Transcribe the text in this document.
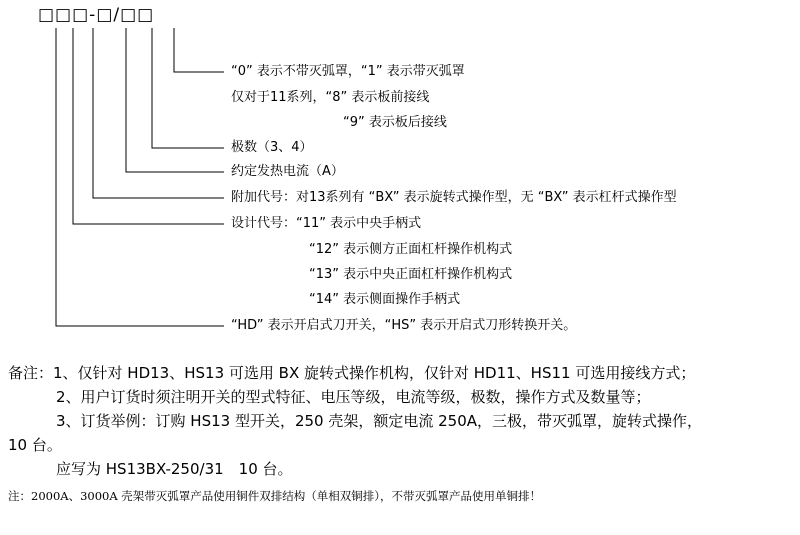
□□□-□/□□
“0” 表示不带灭弧罩，“1” 表示带灭弧罩
仅对于11系列，“8” 表示板前接线
“9” 表示板后接线
极数（3、4）
约定发热电流（A）
附加代号：对13系列有 “BX” 表示旋转式操作型，无 “BX” 表示杠杆式操作型
设计代号：“11” 表示中央手柄式
“12” 表示侧方正面杠杆操作机构式
“13” 表示中央正面杠杆操作机构式
“14” 表示侧面操作手柄式
“HD” 表示开启式刀开关，“HS” 表示开启式刀形转换开关。
备注：1、仅针对 HD13、HS13 可选用 BX 旋转式操作机构，仅针对 HD11、HS11 可选用接线方式；
2、用户订货时须注明开关的型式特征、电压等级，电流等级，极数，操作方式及数量等；
3、订货举例：订购 HS13 型开关，250 壳架，额定电流 250A，三极，带灭弧罩，旋转式操作，
10 台。
应写为 HS13BX-250/31　10 台。
注：2000A、3000A 壳架带灭弧罩产品使用铜件双排结构（单相双铜排），不带灭弧罩产品使用单铜排！
